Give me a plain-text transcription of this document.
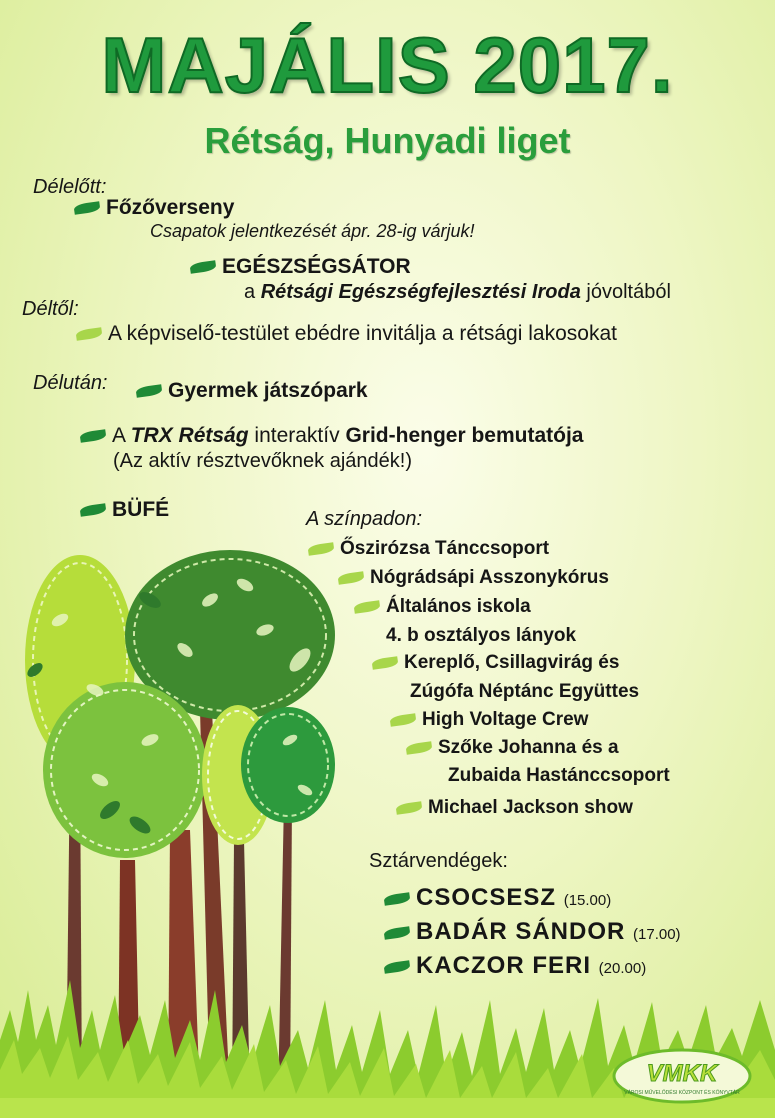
MAJÁLIS 2017.
Rétság, Hunyadi liget
Délelőtt:
Főzőverseny
Csapatok jelentkezését ápr. 28-ig várjuk!
EGÉSZSÉGSÁTOR
a Rétsági Egészségfejlesztési Iroda jóvoltából
Déltől:
A képviselő-testület ebédre invitálja a rétsági lakosokat
Délután:	Gyermek játszópark
A TRX Rétság interaktív Grid-henger bemutatója
(Az aktív résztvevőknek ajándék!)
BÜFÉ	A színpadon:
Őszirózsa Tánccsoport
Nógrádsápi Asszonykórus
Általános iskola
4. b osztályos lányok
Kereplő, Csillagvirág és
Zúgófa Néptánc Együttes
High Voltage Crew
Szőke Johanna és a
Zubaida Hastánccsoport
Michael Jackson show
Sztárvendégek:
CSOCSESZ (15.00)
BADÁR SÁNDOR (17.00)
KACZOR FERI (20.00)
VMKK
VÁROSI MŰVELŐDÉSI KÖZPONT ÉS KÖNYVTÁR
